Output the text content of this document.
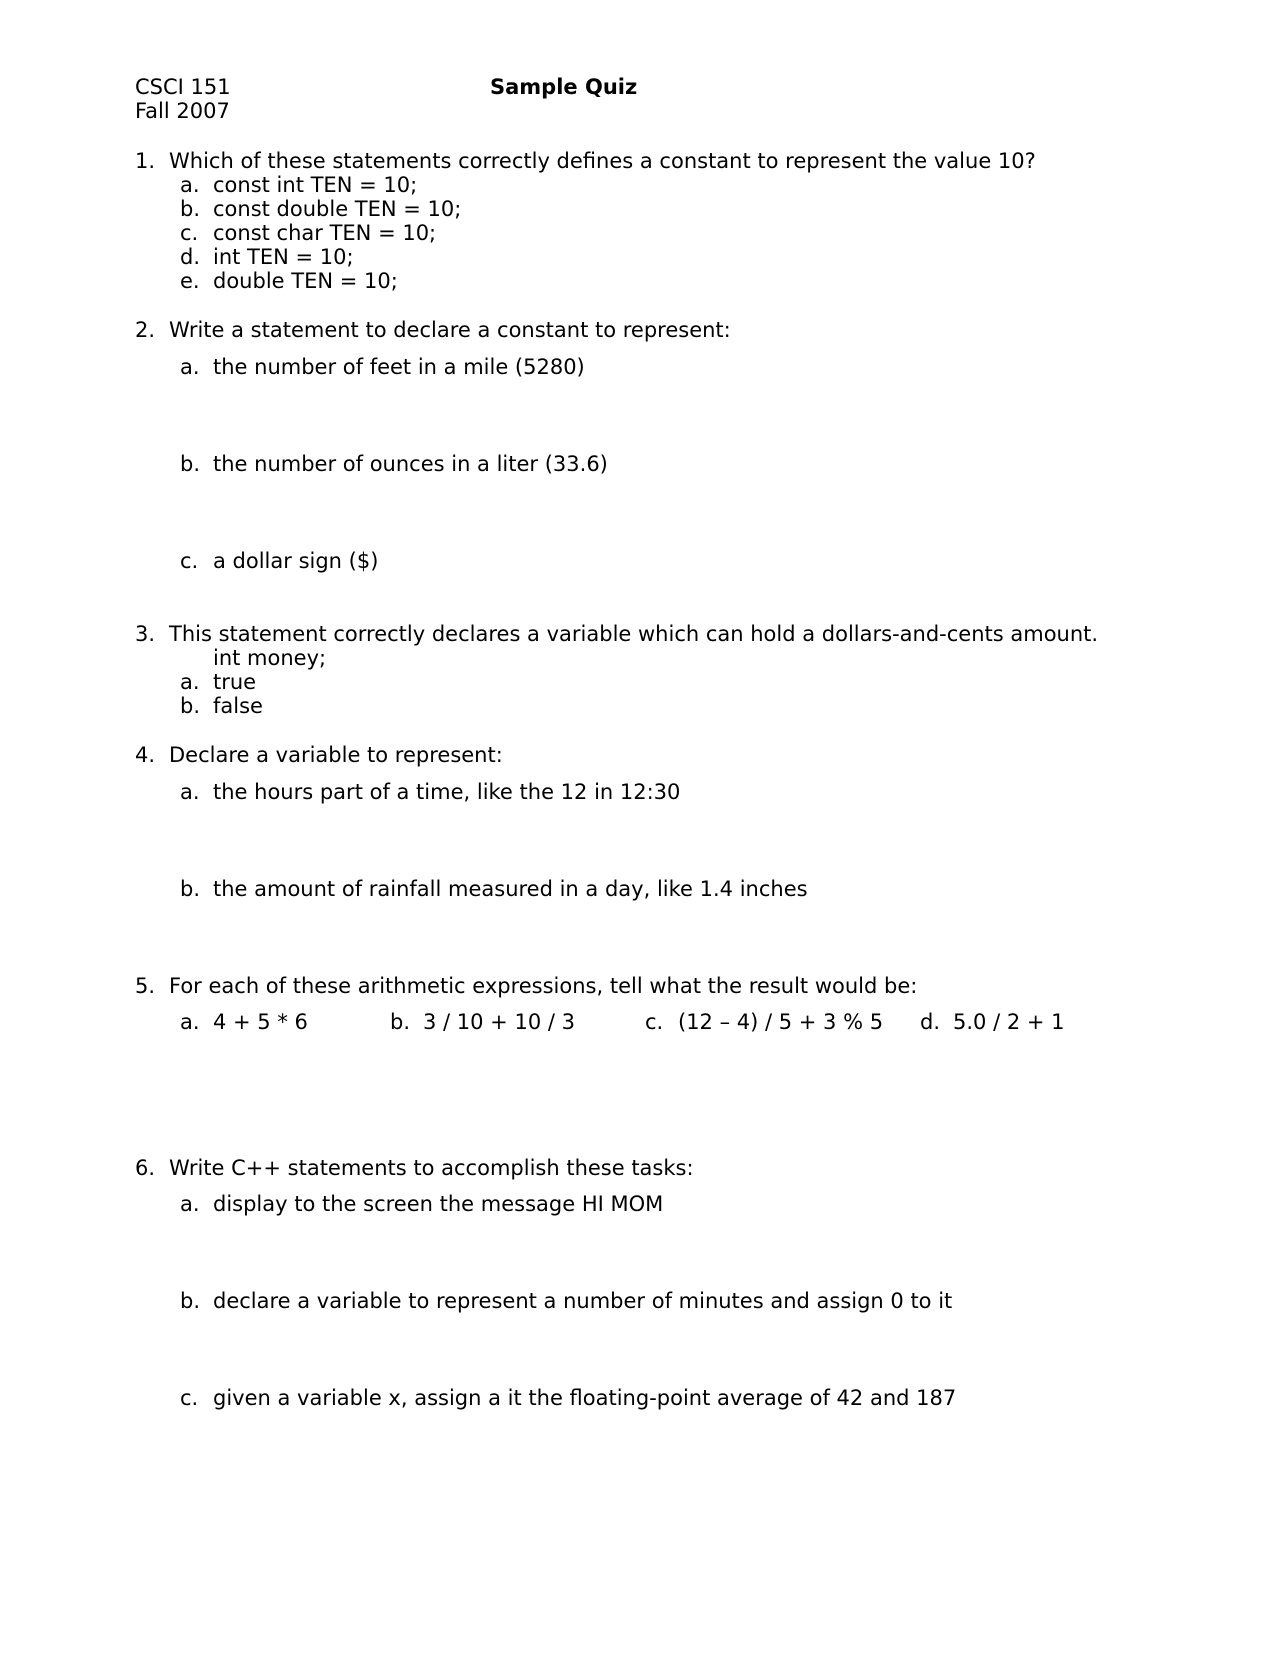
CSCI 151
Fall 2007
Sample Quiz
1. Which of these statements correctly defines a constant to represent the value 10?
a. const int TEN = 10;
b. const double TEN = 10;
c. const char TEN = 10;
d. int TEN = 10;
e. double TEN = 10;
2. Write a statement to declare a constant to represent:
a. the number of feet in a mile (5280)
b. the number of ounces in a liter (33.6)
c. a dollar sign ($)
3. This statement correctly declares a variable which can hold a dollars-and-cents amount.
int money;
a. true
b. false
4. Declare a variable to represent:
a. the hours part of a time, like the 12 in 12:30
b. the amount of rainfall measured in a day, like 1.4 inches
5. For each of these arithmetic expressions, tell what the result would be:
a. 4 + 5 * 6	b. 3 / 10 + 10 / 3	c. (12 – 4) / 5 + 3 % 5 d. 5.0 / 2 + 1
6. Write C++ statements to accomplish these tasks:
a. display to the screen the message HI MOM
b. declare a variable to represent a number of minutes and assign 0 to it
c. given a variable x, assign a it the floating-point average of 42 and 187
